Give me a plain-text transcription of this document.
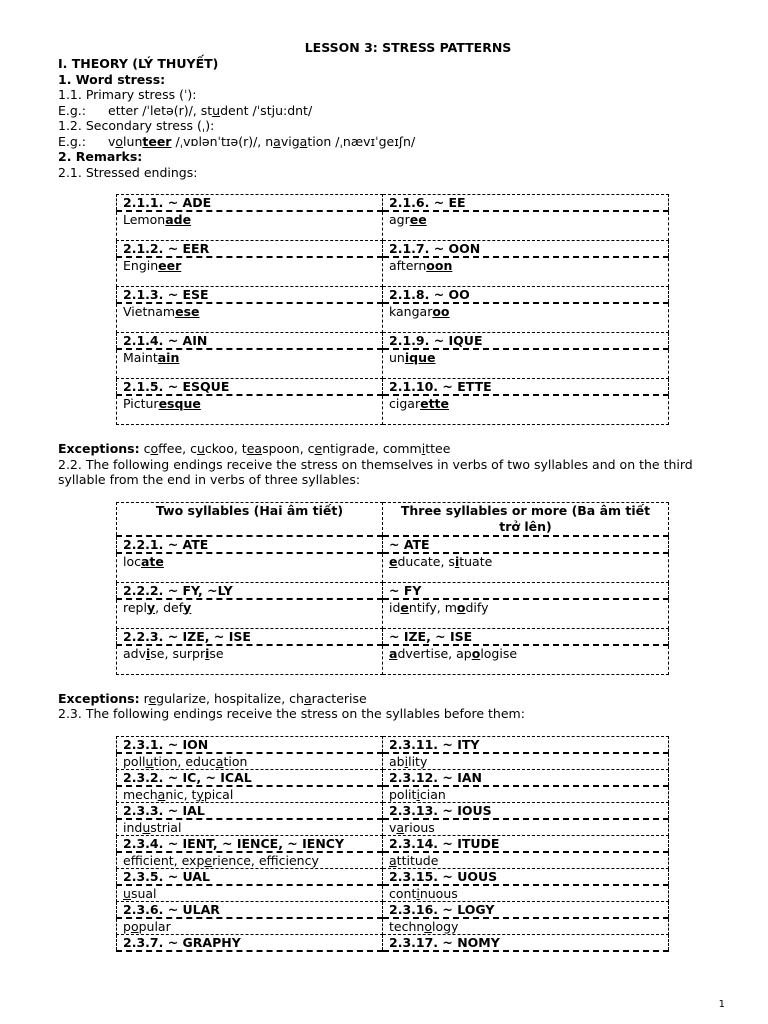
LESSON 3: STRESS PATTERNS
I. THEORY (LÝ THUYẾT)
1. Word stress:
1.1. Primary stress (ˈ):
E.g.: etter /ˈletə(r)/, student /ˈstju:dnt/
1.2. Secondary stress (ˌ):
E.g.: volunteer /ˌvɒlənˈtɪə(r)/, navigation /ˌnævɪˈgeɪʃn/
2. Remarks:
2.1. Stressed endings:
2.1.1. ~ ADE	2.1.6. ~ EE
Lemonade	agree
2.1.2. ~ EER	2.1.7. ~ OON
Engineer	afternoon
2.1.3. ~ ESE	2.1.8. ~ OO
Vietnamese	kangaroo
2.1.4. ~ AIN	2.1.9. ~ IQUE
Maintain	unique
2.1.5. ~ ESQUE	2.1.10. ~ ETTE
Picturesque	cigarette
Exceptions: coffee, cuckoo, teaspoon, centigrade, committee
2.2. The following endings receive the stress on themselves in verbs of two syllables and on the third
syllable from the end in verbs of three syllables:
Two syllables (Hai âm tiết)	Three syllables or more (Ba âm tiết trở lên)
2.2.1. ~ ATE	~ ATE
locate	educate, situate
2.2.2. ~ FY, ~LY	~ FY
reply, defy	identify, modify
2.2.3. ~ IZE, ~ ISE	~ IZE, ~ ISE
advise, surprise	advertise, apologise
Exceptions: regularize, hospitalize, characterise
2.3. The following endings receive the stress on the syllables before them:
2.3.1. ~ ION	2.3.11. ~ ITY
pollution, education	ability
2.3.2. ~ IC, ~ ICAL	2.3.12. ~ IAN
mechanic, typical	politician
2.3.3. ~ IAL	2.3.13. ~ IOUS
industrial	various
2.3.4. ~ IENT, ~ IENCE, ~ IENCY	2.3.14. ~ ITUDE
effcient, experience, effciency	attitude
2.3.5. ~ UAL	2.3.15. ~ UOUS
usual	continuous
2.3.6. ~ ULAR	2.3.16. ~ LOGY
popular	technology
2.3.7. ~ GRAPHY	2.3.17. ~ NOMY
1
